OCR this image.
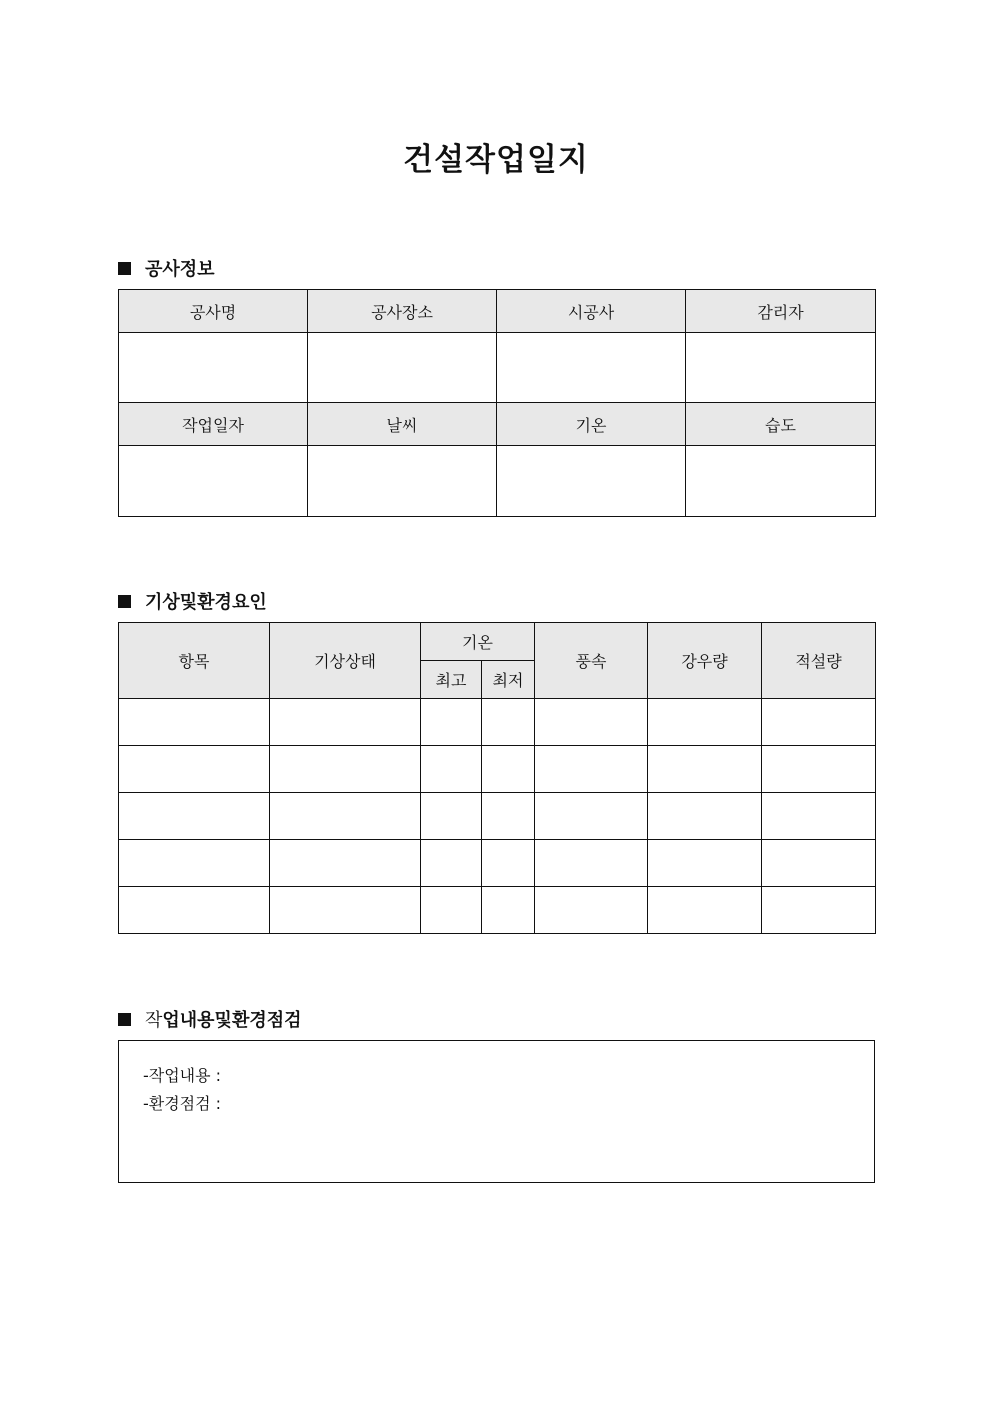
건설작업일지
공사정보
공사명	공사장소	시공사	감리자

작업일자	날씨	기온	습도

기상및환경요인
항목	기상상태	기온		풍속	강우량	적설량
		최고	최저			

작 업내용및환경점검
-작업내용 :
-환경점검 :
